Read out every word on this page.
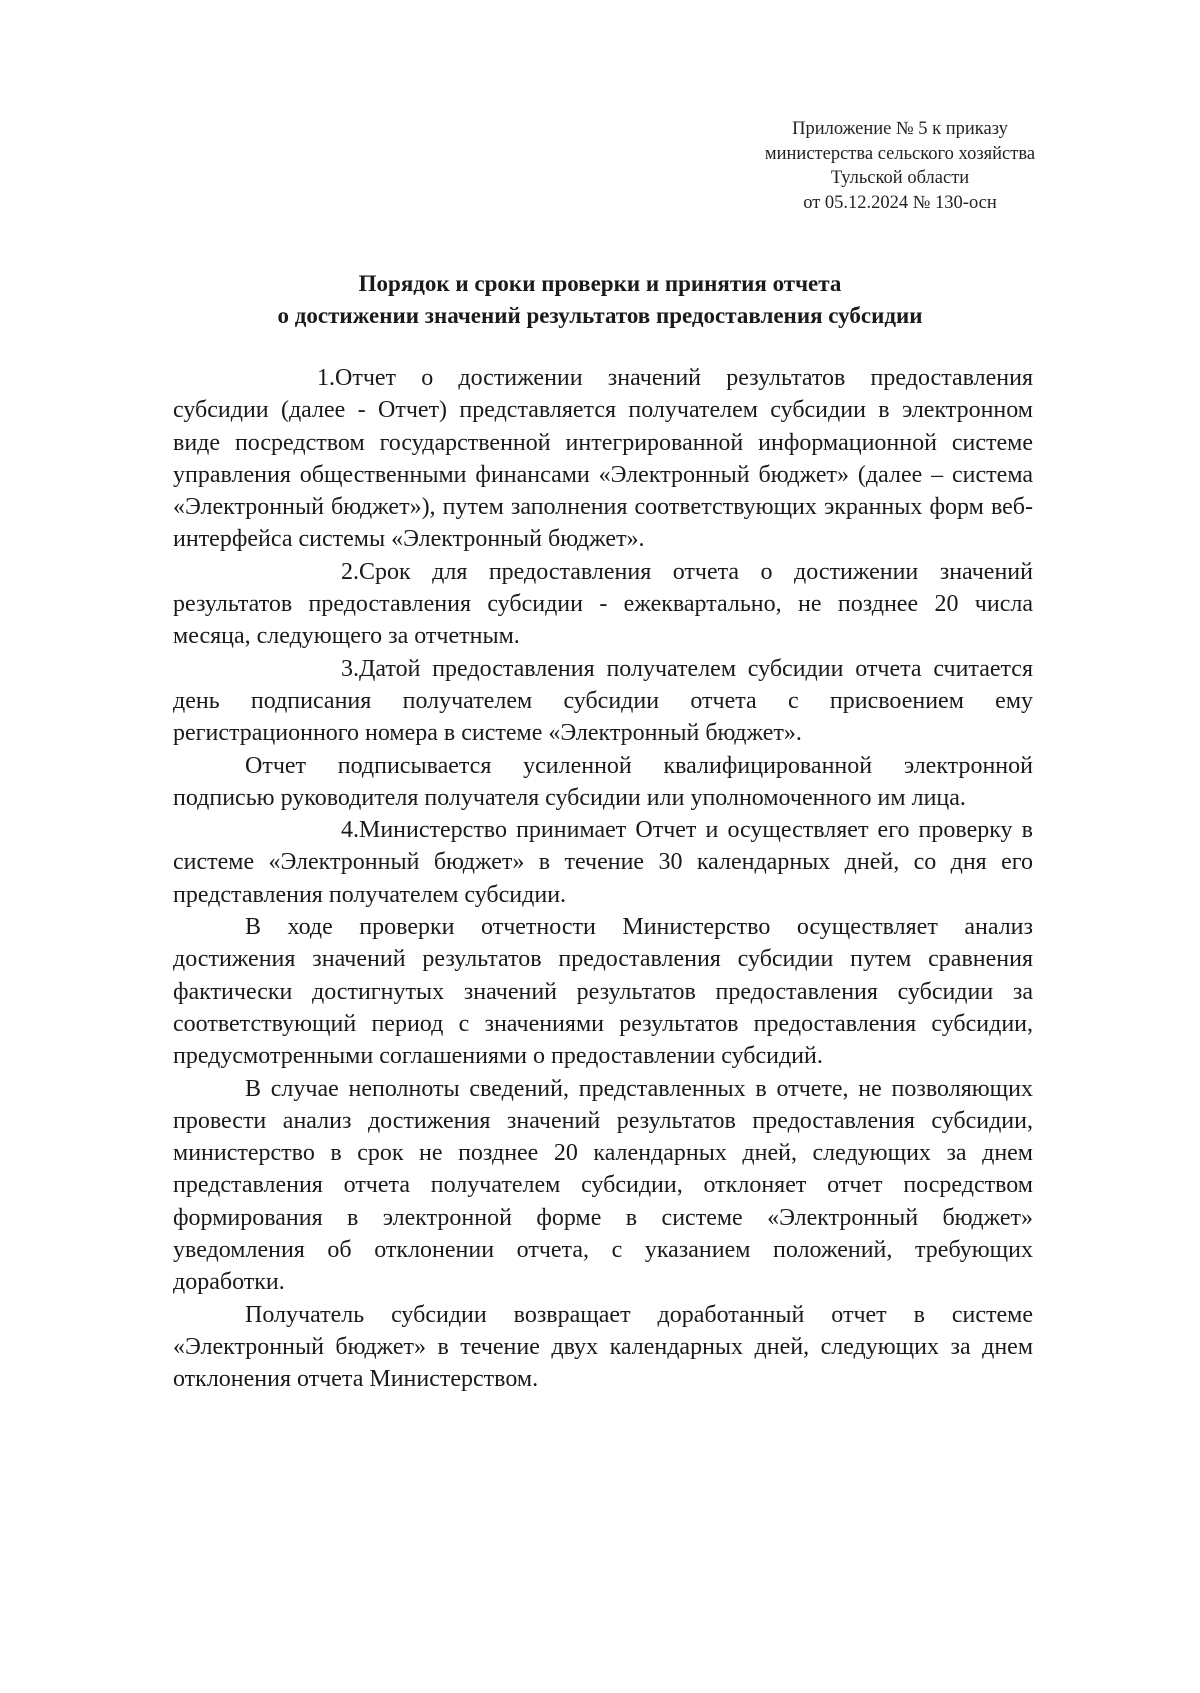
Приложение № 5 к приказу
министерства сельского хозяйства
Тульской области
от 05.12.2024 № 130-осн
Порядок и сроки проверки и принятия отчета
о достижении значений результатов предоставления субсидии

1.Отчет о достижении значений результатов предоставления субсидии (далее - Отчет) представляется получателем субсидии в электронном виде посредством государственной интегрированной информационной системе управления общественными финансами «Электронный бюджет» (далее – система «Электронный бюджет»), путем заполнения соответствующих экранных форм веб-интерфейса системы «Электронный бюджет».

2.Срок для предоставления отчета о достижении значений результатов предоставления субсидии - ежеквартально, не позднее 20 числа месяца, следующего за отчетным.

3.Датой предоставления получателем субсидии отчета считается день подписания получателем субсидии отчета с присвоением ему регистрационного номера в системе «Электронный бюджет».

Отчет подписывается усиленной квалифицированной электронной подписью руководителя получателя субсидии или уполномоченного им лица.

4.Министерство принимает Отчет и осуществляет его проверку в системе «Электронный бюджет» в течение 30 календарных дней, со дня его представления получателем субсидии.

В ходе проверки отчетности Министерство осуществляет анализ достижения значений результатов предоставления субсидии путем сравнения фактически достигнутых значений результатов предоставления субсидии за соответствующий период с значениями результатов предоставления субсидии, предусмотренными соглашениями о предоставлении субсидий.

В случае неполноты сведений, представленных в отчете, не позволяющих провести анализ достижения значений результатов предоставления субсидии, министерство в срок не позднее 20 календарных дней, следующих за днем представления отчета получателем субсидии, отклоняет отчет посредством формирования в электронной форме в системе «Электронный бюджет» уведомления об отклонении отчета, с указанием положений, требующих доработки.

Получатель субсидии возвращает доработанный отчет в системе «Электронный бюджет» в течение двух календарных дней, следующих за днем отклонения отчета Министерством.
